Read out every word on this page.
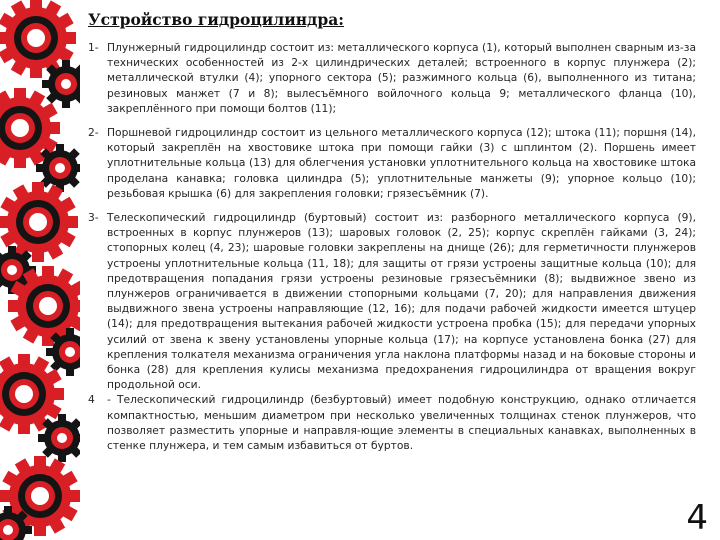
Устройство гидроцилиндра:
1- Плунжерный гидроцилиндр состоит из: металлического корпуса (1), который выполнен сварным из-за технических особенностей из 2-х цилиндрических деталей; встроенного в корпус плунжера (2); металлической втулки (4); упорного сектора (5); разжимного кольца (6), выполненного из титана; резиновых манжет (7 и 8); вылесъёмного войлочного кольца 9; металлического фланца (10), закреплённого при помощи болтов (11);
2- Поршневой гидроцилиндр состоит из цельного металлического корпуса (12); штока (11); поршня (14), который закреплён на хвостовике штока при помощи гайки (3) с шплинтом (2). Поршень имеет уплотнительные кольца (13) для облегчения установки уплотнительного кольца на хвостовике штока проделана канавка; головка цилиндра (5); уплотнительные манжеты (9); упорное кольцо (10); резьбовая крышка (6) для закрепления головки; грязесъёмник (7).
3- Телескопический гидроцилиндр (буртовый) состоит из: разборного металлического корпуса (9), встроенных в корпус плунжеров (13); шаровых головок (2, 25); корпус скреплён гайками (3, 24); стопорных колец (4, 23); шаровые головки закреплены на днище (26); для герметичности плунжеров устроены уплотнительные кольца (11, 18); для защиты от грязи устроены защитные кольца (10); для предотвращения попадания грязи устроены резиновые грязесъёмники (8); выдвижное звено из плунжеров ограничивается в движении стопорными кольцами (7, 20); для направления движения выдвижного звена устроены направляющие (12, 16); для подачи рабочей жидкости имеется штуцер (14); для предотвращения вытекания рабочей жидкости устроена пробка (15); для передачи упорных усилий от звена к звену установлены упорные кольца (17); на корпусе установлена бонка (27) для крепления толкателя механизма ограничения угла наклона платформы назад и на боковые стороны и бонка (28) для крепления кулисы механизма предохранения гидроцилиндра от вращения вокруг продольной оси.
4 - Телескопический гидроцилиндр (безбуртовый) имеет подобную конструкцию, однако отличается компактностью, меньшим диаметром при несколько увеличенных толщинах стенок плунжеров, что позволяет разместить упорные и направля-ющие элементы в специальных канавках, выполненных в стенке плунжера, и тем самым избавиться от буртов.
4
